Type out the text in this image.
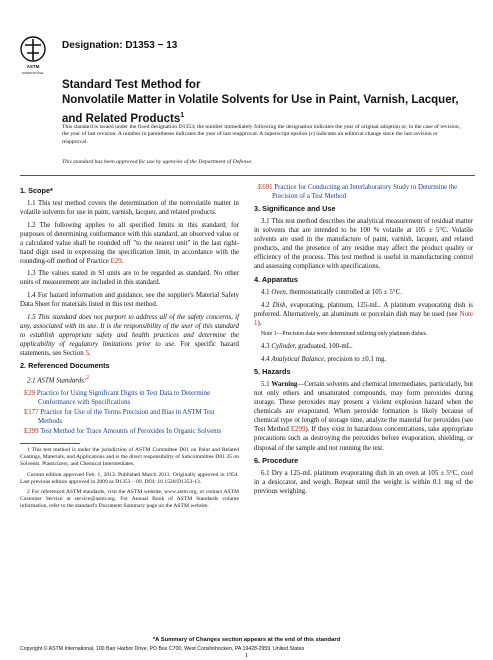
ASTM
INTERNATIONAL
Designation: D1353 − 13
Standard Test Method for
Nonvolatile Matter in Volatile Solvents for Use in Paint, Varnish, Lacquer, and Related Products$^1$
This standard is issued under the fixed designation D1353; the number immediately following the designation indicates the year of original adoption or, in the case of revision, the year of last revision. A number in parentheses indicates the year of last reapproval. A superscript epsilon (ε) indicates an editorial change since the last revision or reapproval.
This standard has been approved for use by agencies of the Department of Defense.
1. Scope*

1.1 This test method covers the determination of the nonvolatile matter in volatile solvents for use in paint, varnish, lacquer, and related products.

1.2 The following applies to all specified limits in this standard; for purposes of determining conformance with this standard, an observed value or a calculated value shall be rounded off "to the nearest unit" in the last right-hand digit used in expressing the specification limit, in accordance with the rounding-off method of Practice E29.

1.3 The values stated in SI units are to be regarded as standard. No other units of measurement are included in this standard.

1.4 For hazard information and guidance, see the supplier's Material Safety Data Sheet for materials listed in this test method.

1.5 This standard does not purport to address all of the safety concerns, if any, associated with its use. It is the responsibility of the user of this standard to establish appropriate safety and health practices and determine the applicability of regulatory limitations prior to use. For specific hazard statements, see Section 5.

2. Referenced Documents

2.1 ASTM Standards:$^2$

E29 Practice for Using Significant Digits in Test Data to Determine Conformance with Specifications
E177 Practice for Use of the Terms Precision and Bias in ASTM Test Methods
E299 Test Method for Trace Amounts of Peroxides In Organic Solvents

1 This test method is under the jurisdiction of ASTM Committee D01 on Paint and Related Coatings, Materials, and Applications and is the direct responsibility of Subcommittee D01.35 on Solvents, Plasticizers, and Chemical Intermediates.

Current edition approved Feb. 1, 2013. Published March 2013. Originally approved in 1954. Last previous edition approved in 2009 as D1353 – 09. DOI: 10.1520/D1353-13.

2 For referenced ASTM standards, visit the ASTM website, www.astm.org, or contact ASTM Customer Service at service@astm.org. For Annual Book of ASTM Standards volume information, refer to the standard's Document Summary page on the ASTM website.

E691 Practice for Conducting an Interlaboratory Study to Determine the Precision of a Test Method
3. Significance and Use

3.1 This test method describes the analytical measurement of residual matter in solvents that are intended to be 100 % volatile at 105 ± 5°C. Volatile solvents are used in the manufacture of paint, varnish, lacquer, and related products, and the presence of any residue may affect the product quality or efficiency of the process. This test method is useful in manufacturing control and assessing compliance with specifications.

4. Apparatus

4.1 Oven, thermostatically controlled at 105 ± 5°C.

4.2 Dish, evaporating, platinum, 125-mL. A platinum evaporating dish is preferred. Alternatively, an aluminum or porcelain dish may be used (see Note 1).

Note 1—Precision data were determined utilizing only platinum dishes.

4.3 Cylinder, graduated, 100-mL.

4.4 Analytical Balance, precision to ±0.1 mg.

5. Hazards

5.1 Warning—Certain solvents and chemical intermediates, particularly, but not only ethers and unsaturated compounds, may form peroxides during storage. These peroxides may present a violent explosion hazard when the chemicals are evaporated. When peroxide formation is likely because of chemical type or length of storage time, analyze the material for peroxides (see Test Method E299). If they exist in hazardous concentrations, take appropriate precautions such as destroying the peroxides before evaporation, shielding, or disposal of the sample and not running the test.

6. Procedure

6.1 Dry a 125-mL platinum evaporating dish in an oven at 105 ± 5°C, cool in a desiccator, and weigh. Repeat until the weight is within 0.1 mg of the previous weighing.

*A Summary of Changes section appears at the end of this standard
Copyright © ASTM International, 100 Barr Harbor Drive, PO Box C700, West Conshohocken, PA 19428-2959. United States
1
